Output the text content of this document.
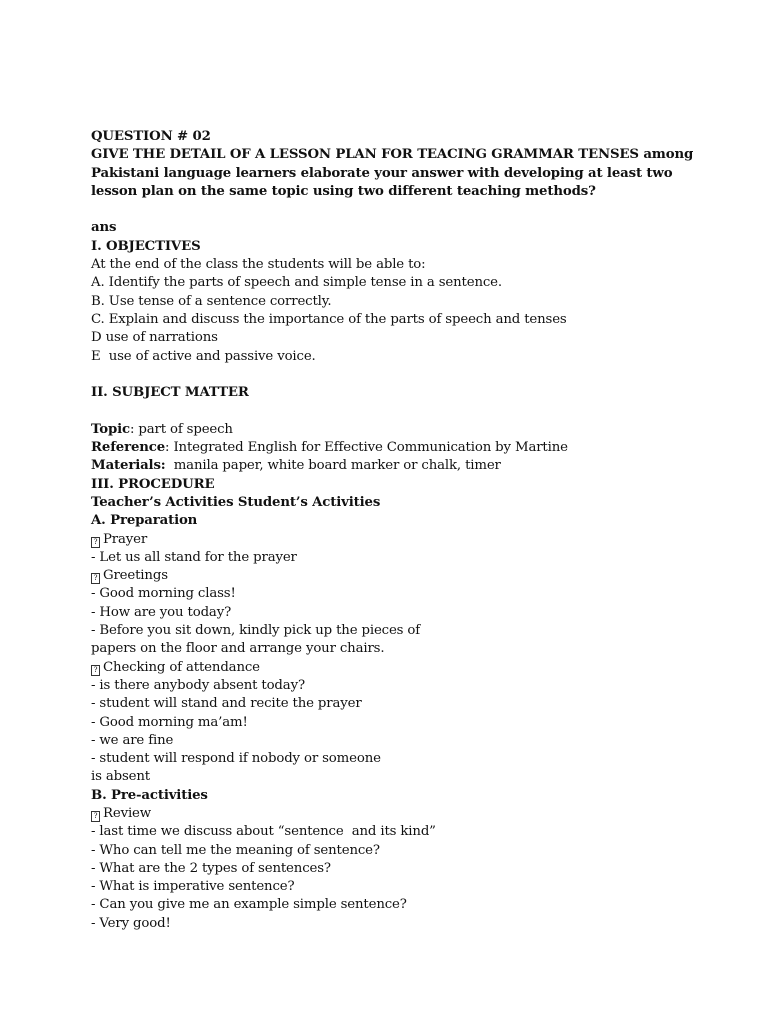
QUESTION # 02
GIVE THE DETAIL OF A LESSON PLAN FOR TEACING GRAMMAR TENSES among
Pakistani language learners elaborate your answer with developing at least two
lesson plan on the same topic using two different teaching methods?
ans
I. OBJECTIVES
At the end of the class the students will be able to:
A. Identify the parts of speech and simple tense in a sentence.
B. Use tense of a sentence correctly.
C. Explain and discuss the importance of the parts of speech and tenses
D use of narrations
E  use of active and passive voice.
II. SUBJECT MATTER
Topic: part of speech
Reference: Integrated English for Effective Communication by Martine
Materials:  manila paper, white board marker or chalk, timer
III. PROCEDURE
Teacher’s Activities Student’s Activities
A. Preparation
? Prayer
- Let us all stand for the prayer
? Greetings
- Good morning class!
- How are you today?
- Before you sit down, kindly pick up the pieces of
papers on the floor and arrange your chairs.
? Checking of attendance
- is there anybody absent today?
- student will stand and recite the prayer
- Good morning ma’am!
- we are fine
- student will respond if nobody or someone
is absent
B. Pre-activities
? Review
- last time we discuss about “sentence  and its kind”
- Who can tell me the meaning of sentence?
- What are the 2 types of sentences?
- What is imperative sentence?
- Can you give me an example simple sentence?
- Very good!
